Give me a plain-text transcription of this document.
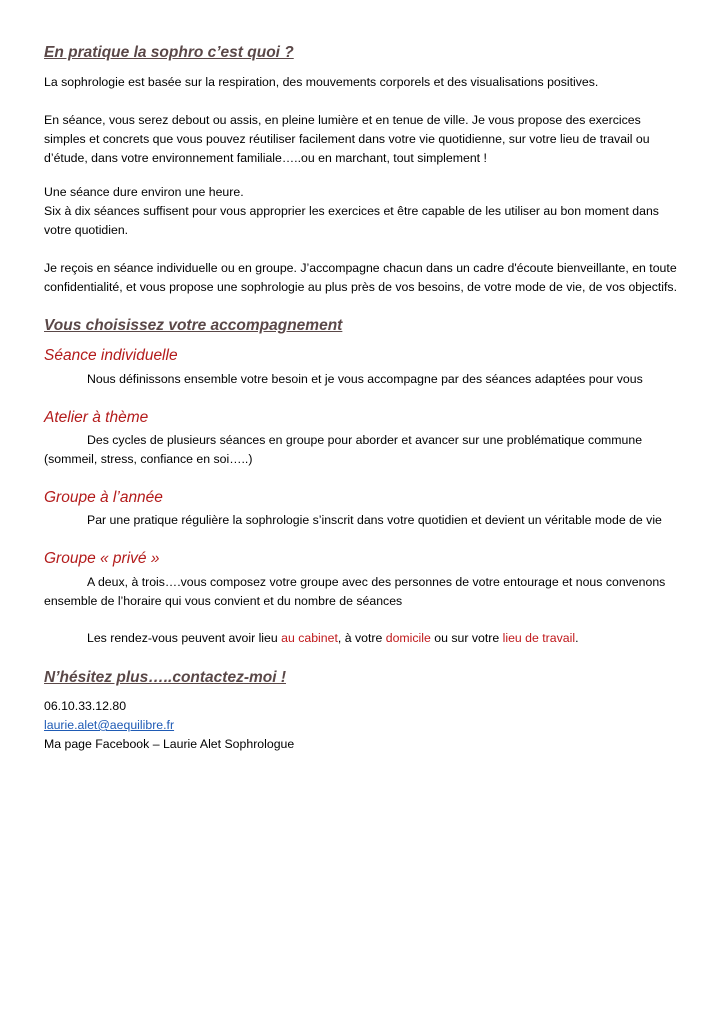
En pratique la sophro c’est quoi ?

La sophrologie est basée sur la respiration, des mouvements corporels et des visualisations positives.

En séance, vous serez debout ou assis, en pleine lumière et en tenue de ville. Je vous propose des exercices simples et concrets que vous pouvez réutiliser facilement dans votre vie quotidienne, sur votre lieu de travail ou d’étude, dans votre environnement familiale…..ou en marchant, tout simplement !

Une séance dure environ une heure.

Six à dix séances suffisent pour vous approprier les exercices et être capable de les utiliser au bon moment dans votre quotidien.

Je reçois en séance individuelle ou en groupe. J’accompagne chacun dans un cadre d'écoute bienveillante, en toute confidentialité, et vous propose une sophrologie au plus près de vos besoins, de votre mode de vie, de vos objectifs.

Vous choisissez votre accompagnement
Séance individuelle

Nous définissons ensemble votre besoin et je vous accompagne par des séances adaptées pour vous

Atelier à thème

Des cycles de plusieurs séances en groupe pour aborder et avancer sur une problématique commune (sommeil, stress, confiance en soi…..)

Groupe à l’année

Par une pratique régulière la sophrologie s’inscrit dans votre quotidien et devient un véritable mode de vie

Groupe « privé »

A deux, à trois….vous composez votre groupe avec des personnes de votre entourage et nous convenons ensemble de l’horaire qui vous convient et du nombre de séances

Les rendez-vous peuvent avoir lieu au cabinet, à votre domicile ou sur votre lieu de travail.

N’hésitez plus…..contactez-moi !

06.10.33.12.80

laurie.alet@aequilibre.fr

Ma page Facebook – Laurie Alet Sophrologue
